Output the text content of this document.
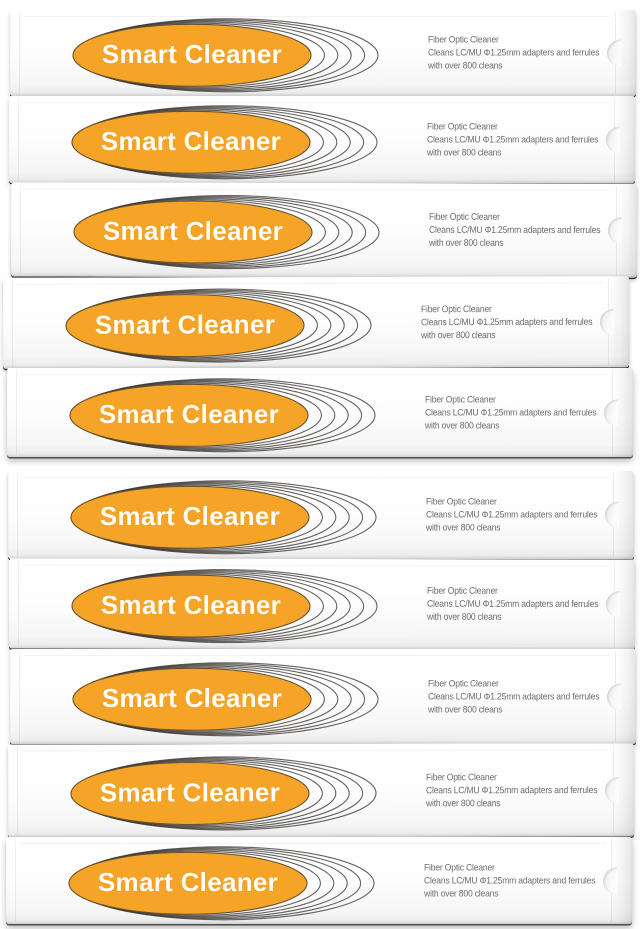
Smart Cleaner	Fiber Optic Cleaner
Cleans LC/MU Φ1.25mm adapters and ferrules
with over 800 cleans
Smart Cleaner	Fiber Optic Cleaner
Cleans LC/MU Φ1.25mm adapters and ferrules
with over 800 cleans
Smart Cleaner	Fiber Optic Cleaner
Cleans LC/MU Φ1.25mm adapters and ferrules
with over 800 cleans
Smart Cleaner	Fiber Optic Cleaner
Cleans LC/MU Φ1.25mm adapters and ferrules
with over 800 cleans
Smart Cleaner	Fiber Optic Cleaner
Cleans LC/MU Φ1.25mm adapters and ferrules
with over 800 cleans
Smart Cleaner	Fiber Optic Cleaner
Cleans LC/MU Φ1.25mm adapters and ferrules
with over 800 cleans
Smart Cleaner	Fiber Optic Cleaner
Cleans LC/MU Φ1.25mm adapters and ferrules
with over 800 cleans
Smart Cleaner	Fiber Optic Cleaner
Cleans LC/MU Φ1.25mm adapters and ferrules
with over 800 cleans
Smart Cleaner	Fiber Optic Cleaner
Cleans LC/MU Φ1.25mm adapters and ferrules
with over 800 cleans
Smart Cleaner	Fiber Optic Cleaner
Cleans LC/MU Φ1.25mm adapters and ferrules
with over 800 cleans
